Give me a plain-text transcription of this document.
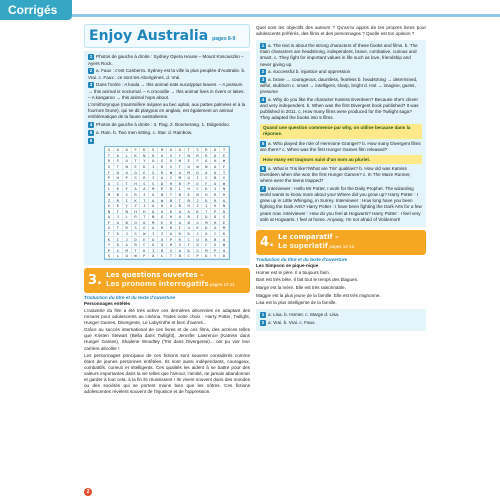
Corrigés
Enjoy Australia pages 8-9

1 Photos de gauche à droite : Sydney Opera House – Mount Kosciuszko – Ayers Rock.

2 a. Faux : c'est Canberra. Sydney est la ville la plus peuplée d'Australie. b. Vrai. c. Faux : ce sont les Aborigènes. d. Vrai.

3 Dans l'ordre : A koala → this animal eats eucalyptus leaves. – A possum → this animal is nocturnal. – A crocodile → this animal lives in rivers or lakes. – A kangaroo → this animal hops about.

L'ornithorynque (mammifère ovipare au bec aplati, aux pattes palmées et à la fourrure brune), qui se dit platypus en anglais, est également un animal emblématique de la faune australienne.

4 Photos de gauche à droite : 3. Flag. 2. Boomerang. 1. Didgeridoo.

5 a. Rain. b. Two men sitting. c. Star. d. Rainbow.

6

G	O	O	F	D	S	H	A	O	T	S	R	U	T
T	A	L	K	N	H	A	S	Y	N	R	R	Q	E
R	S	U	T	Y	O	S	O	N	E	F	A	H	W
S	T	N	E	D	I	R	S	T	O	W	N	U	F
F	D	O	Q	E	S	R	W	A	M	D	A	O	T
P	H	P	S	R	I	A	C	M	U	I	S	B	S
A	C	T	H	S	S	D	H	B	P	E	F	O	W
L	K	F	A	A	M	E	D	L	H	C	K	I	N
M	B	S	R	J	U	N	T	B	E	N	H	R	H
Z	R	I	K	T	A	W	B	T	B	J	D	R	A
E	E	Y	Z	I	A	O	G	B	H	Z	I	K	N
N	T	N	H	H	Q	A	K	U	A	K	T	P	D
A	J	L	R	T	N	G	H	U	B	I	D	D	G
F	U	B	O	O	M	E	R	A	N	G	M	H	E
S	T	R	S	G	A	R	R	I	U	E	D	A	M
T	D	J	S	W	I	Z	A	R	D	J	A	C	K
K	I	J	D	E	O	O	P	R	C	U	B	B	O
Y	Q	A	B	C	O	Q	H	S	T	Q	C	S	W
P	X	M	T	K	I	H	V	A	D	G	M	P	O
S	L	O	W	P	A	L	T	B	C	P	D	Y	D
3. Les questions ouvertes –
Les pronoms interrogatifs pages 10-11
Traduction du titre et du texte d'ouverture
Personnages entêtés

L'industrie du film a été très active ces dernières décennies en adaptant des romans pour adolescents au cinéma. Faites votre choix : Harry Potter, Twilight, Hunger Games, Divergente, Le Labyrinthe et bien d'autres...

Grâce au succès international de ces livres et de ces films, des actrices telles que Kristen Stewart (Bella dans Twilight), Jennifer Lawrence (Katniss dans Hunger Games), Shailene Woodley (Tris dans Divergente)... ont pu voir leur carrière décoller !

Les personnages principaux de ces fictions sont souvent considérés comme étant de jeunes personnes entêtées. Ils sont aussi indépendants, courageux, combattifs, curieux et intelligents. Ces qualités les aident à se battre pour des valeurs importantes dans la vie telles que l'amour, l'amitié, ne jamais abandonner et garder à tout cela, à la fin ils réussissent ! Ils vivent souvent dans des mondes ou des sociétés qui se portent moins bien que les nôtres. Ces fictions adolescentes révèlent souvent de l'injustice et de l'oppression.

Quel sont les objectifs des auteurs ? Qu'as-tu appris de tes propres livres pour adolescents préférés, des films et des personnages ? Quelle est ton opinion ?

1 a. The text is about the strong characters of these books and films. b. The main characters are headstrong, independent, brave, combative, curious and smart. c. They fight for important values in life such as love, friendship and never giving up.

2 a. successful b. injustice and oppression

3 a. brave → courageous, dauntless, fearless b. headstrong → determined, wilful, stubborn c. smart → intelligent, sharp, bright d. Hot → imagine, guess, presume

4 a. Why do you like the character Katniss Everdeen? Because she's clever and very independent. b. When was the first Divergent book published? It was published in 2011. c. How many films were produced for the Twilight saga? They adapted the books into 5 films.

Quand une question commence par why, on utilise because dans la réponse.

5 a. Who played the role of Hermione Granger? b. How many Divergent films are there? c. When was the first Hunger Games film released?

How many est toujours suivi d'un nom au pluriel.

6 a. What is Tris like?/What are Tris' qualities? b. How old was Katniss Everdeen when she won the first Hunger Games? c. In The Maze Runner, where were the teens trapped?

7 Interviewer : Hello Mr Potter, I work for the Daily Prophet. The wizarding world wants to know more about you! Where did you grow up? Harry Potter : I grew up in Little Whinging, in Surrey. Interviewer : How long have you been fighting the Dark Arts? Harry Potter : I have been fighting the Dark Arts for a few years now. Interviewer : How do you feel at Hogwarts? Harry Potter : I feel very safe at Hogwarts. I feel at home. Anyway, I'm not afraid of Voldemort!

4. Le comparatif –
Le superlatif pages 12-13
Traduction du titre et du texte d'ouverture
Les Simpson se pique-nique

Homer est le père. Il a toujours faim.

Bart est très bête. Il fait tout le temps des blagues.

Marge est la mère. Elle est très raisonnable.

Maggie est la plus jeune de la famille. Elle est très mignonne.

Lisa est la plus intelligente de la famille.

1 a. Lisa. b. Homer. c. Marge d. Lisa.

2 a. Vrai. b. Vrai. c. Faux.

2
